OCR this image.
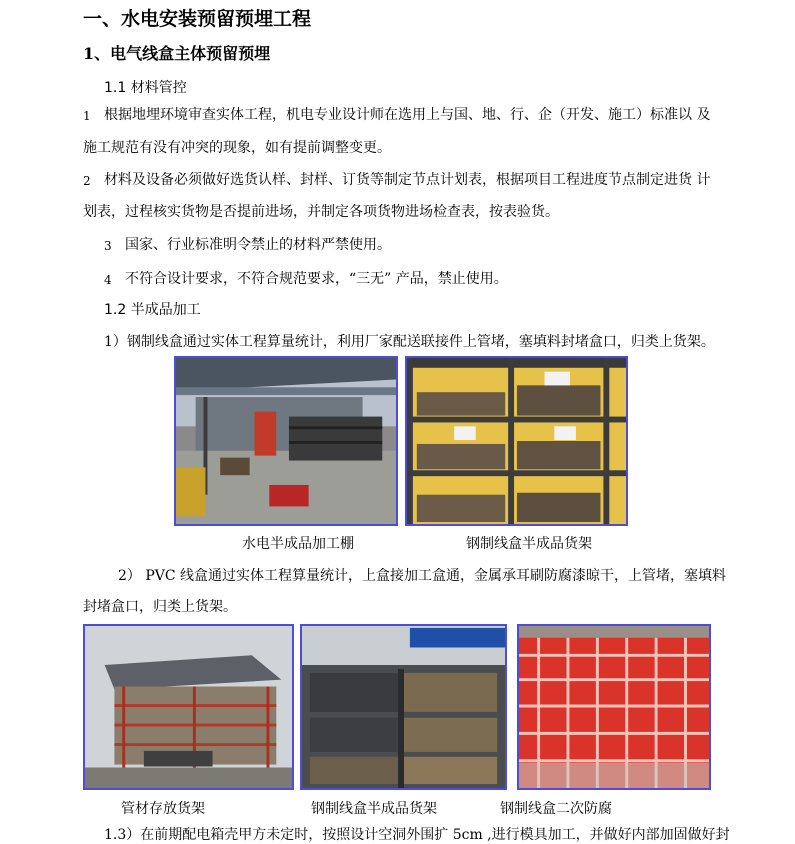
一、水电安装预留预埋工程
1、电气线盒主体预留预埋
1.1 材料管控
1 根据地埋环境审查实体工程，机电专业设计师在选用上与国、地、行、企（开发、施工）标准以 及
施工规范有没有冲突的现象，如有提前调整变更。
2 材料及设备必须做好选货认样、封样、订货等制定节点计划表，根据项目工程进度节点制定进货 计
划表，过程核实货物是否提前进场，并制定各项货物进场检查表，按表验货。
3 国家、行业标准明令禁止的材料严禁使用。
4 不符合设计要求，不符合规范要求，“三无” 产品，禁止使用。
1.2 半成品加工
1）钢制线盒通过实体工程算量统计，利用厂家配送联接件上管堵，塞填料封堵盒口，归类上货架。
水电半成品加工棚	钢制线盒半成品货架
2） PVC 线盒通过实体工程算量统计，上盒接加工盒通，金属承耳刷防腐漆晾干，上管堵，塞填料
封堵盒口，归类上货架。
管材存放货架	钢制线盒半成品货架	钢制线盒二次防腐
1.3）在前期配电箱壳甲方未定时，按照设计空洞外围扩 5cm ,进行模具加工，并做好内部加固做好封
